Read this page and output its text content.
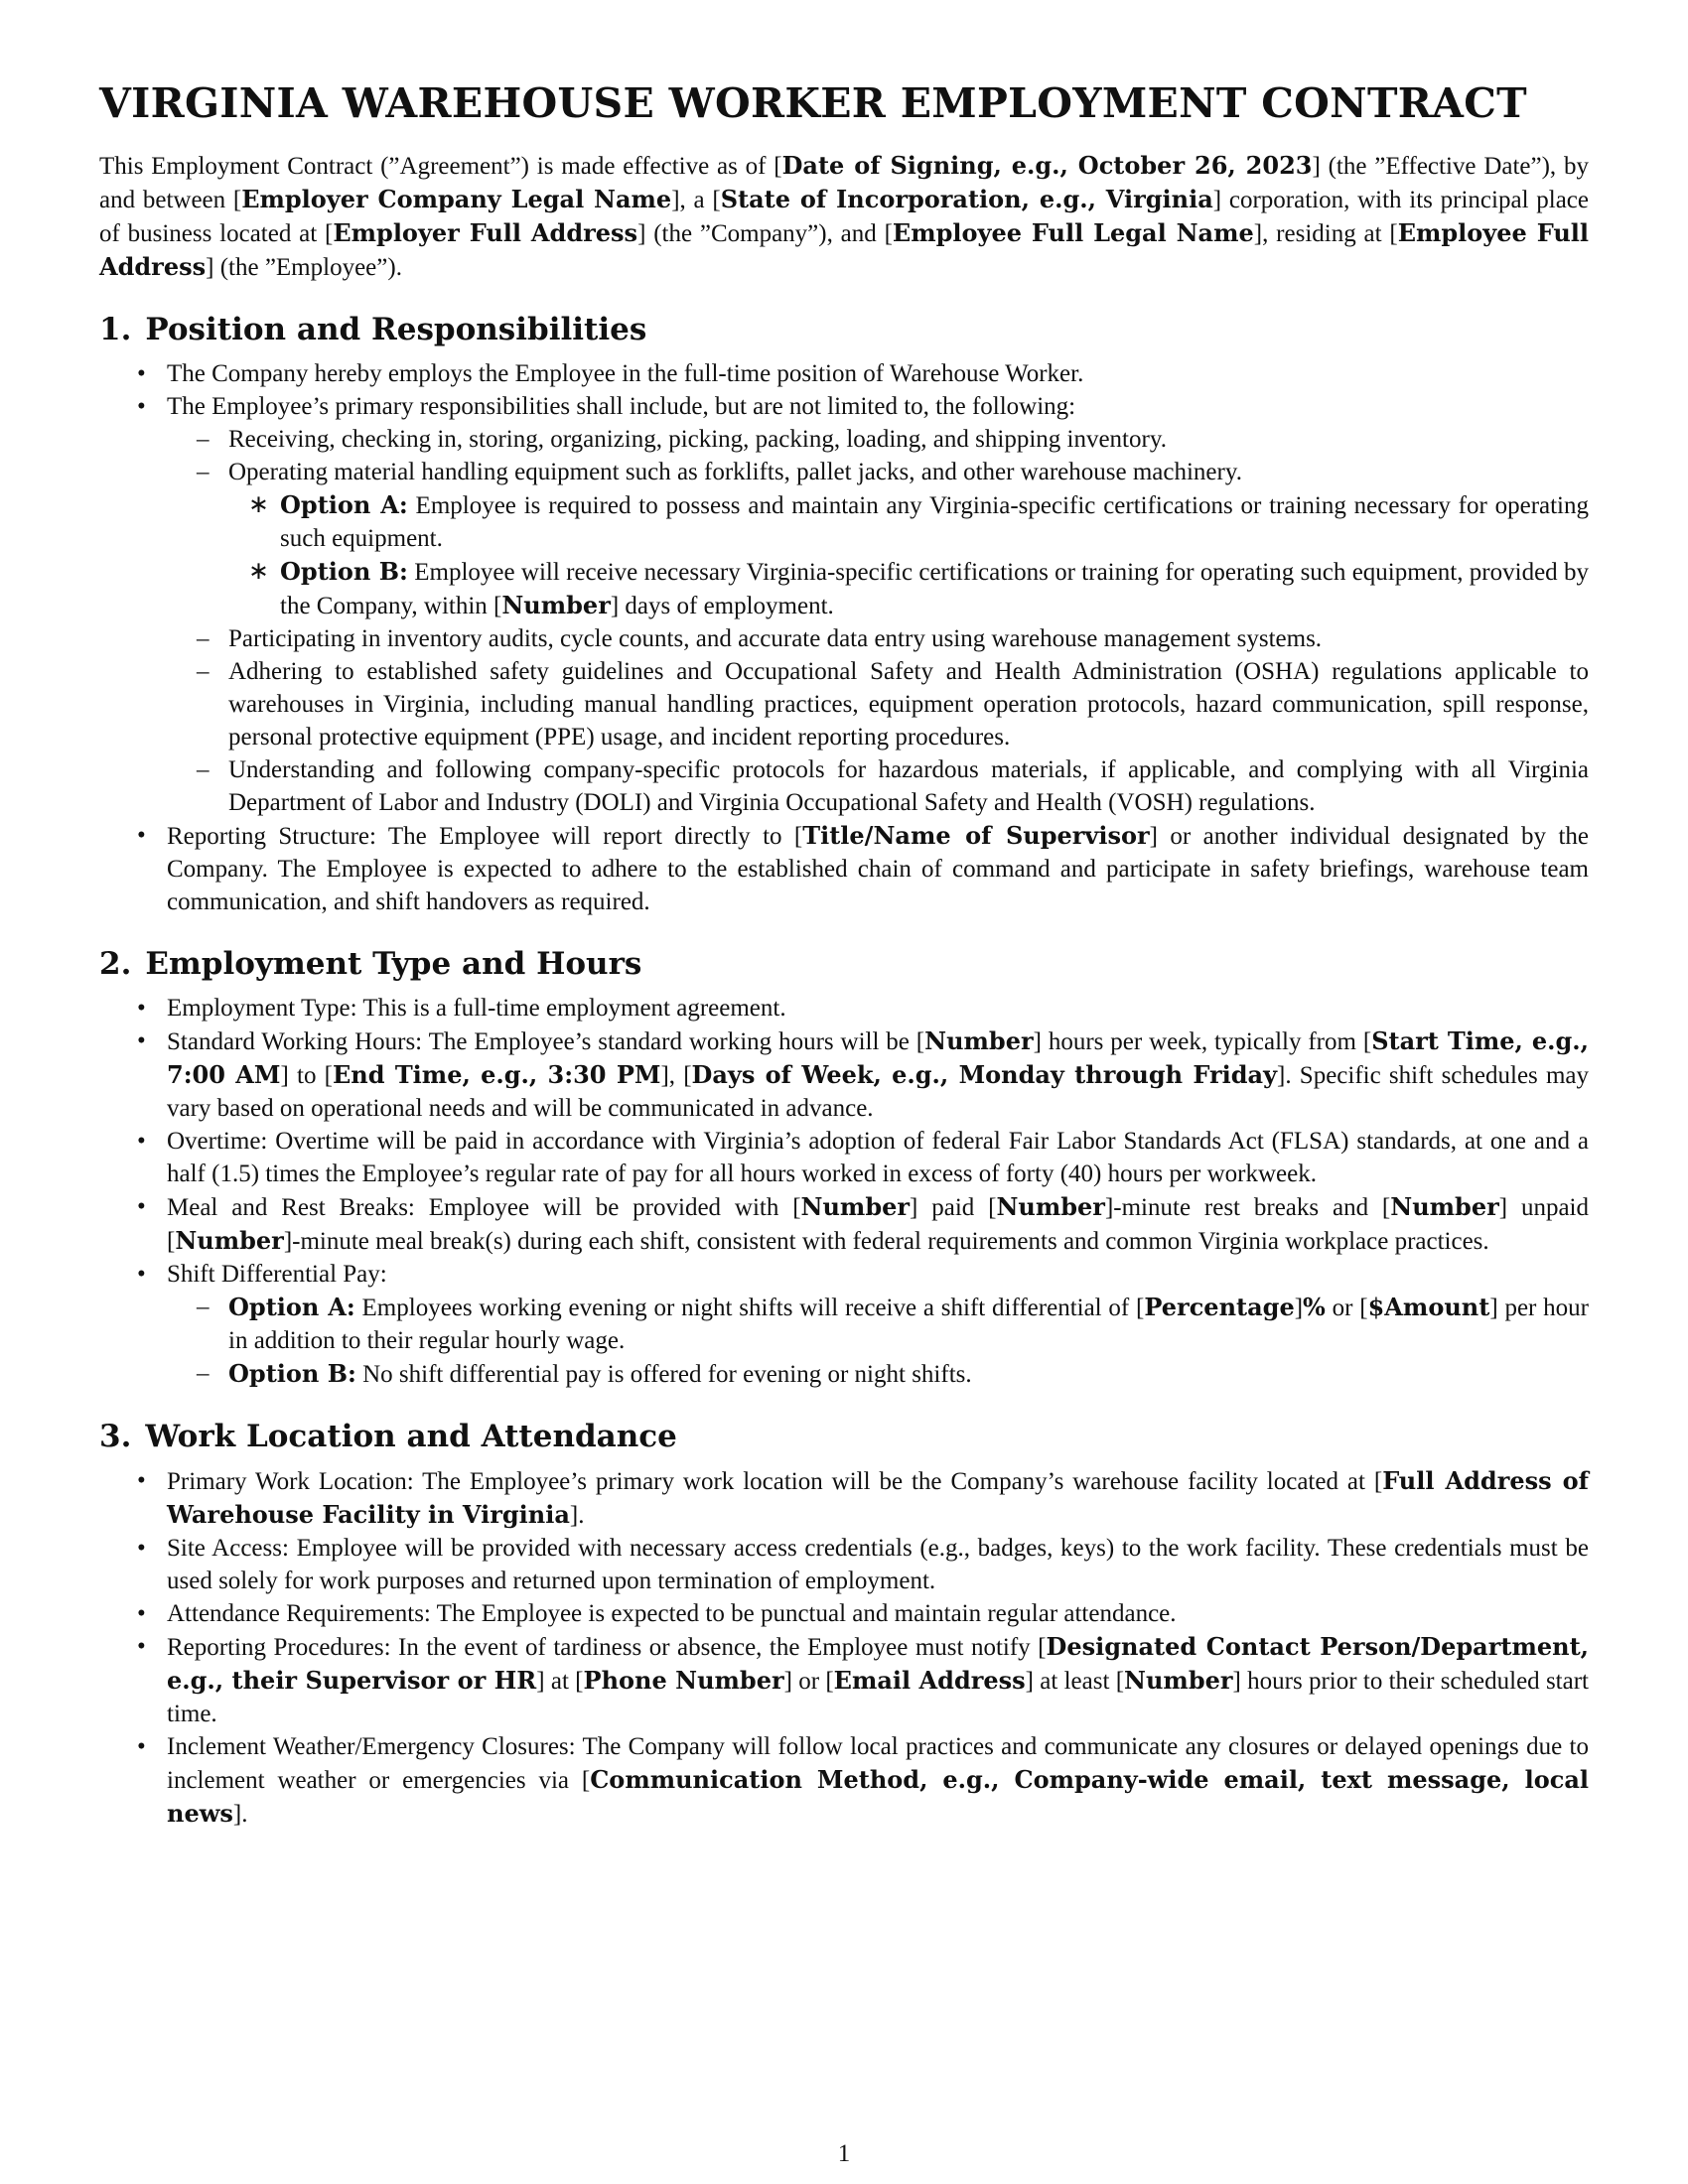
VIRGINIA WAREHOUSE WORKER EMPLOYMENT CONTRACT

This Employment Contract (”Agreement”) is made effective as of [Date of Signing, e.g., October 26, 2023] (the ”Effective Date”), by and between [Employer Company Legal Name], a [State of Incorporation, e.g., Virginia] corporation, with its principal place of business located at [Employer Full Address] (the ”Company”), and [Employee Full Legal Name], residing at [Employee Full Address] (the ”Employee”).

1. Position and Responsibilities
• The Company hereby employs the Employee in the full-time position of Warehouse Worker.
• The Employee’s primary responsibilities shall include, but are not limited to, the following:
– Receiving, checking in, storing, organizing, picking, packing, loading, and shipping inventory.
– Operating material handling equipment such as forklifts, pallet jacks, and other warehouse machinery.
∗ Option A: Employee is required to possess and maintain any Virginia-specific certifications or training necessary for operating such equipment.
∗ Option B: Employee will receive necessary Virginia-specific certifications or training for operating such equipment, provided by the Company, within [Number] days of employment.
– Participating in inventory audits, cycle counts, and accurate data entry using warehouse management systems.
– Adhering to established safety guidelines and Occupational Safety and Health Administration (OSHA) regulations applicable to warehouses in Virginia, including manual handling practices, equipment operation protocols, hazard communication, spill response, personal protective equipment (PPE) usage, and incident reporting procedures.
– Understanding and following company-specific protocols for hazardous materials, if applicable, and complying with all Virginia Department of Labor and Industry (DOLI) and Virginia Occupational Safety and Health (VOSH) regulations.
• Reporting Structure: The Employee will report directly to [Title/Name of Supervisor] or another individual designated by the Company. The Employee is expected to adhere to the established chain of command and participate in safety briefings, warehouse team communication, and shift handovers as required.
2. Employment Type and Hours
• Employment Type: This is a full-time employment agreement.
• Standard Working Hours: The Employee’s standard working hours will be [Number] hours per week, typically from [Start Time, e.g., 7:00 AM] to [End Time, e.g., 3:30 PM], [Days of Week, e.g., Monday through Friday]. Specific shift schedules may vary based on operational needs and will be communicated in advance.
• Overtime: Overtime will be paid in accordance with Virginia’s adoption of federal Fair Labor Standards Act (FLSA) standards, at one and a half (1.5) times the Employee’s regular rate of pay for all hours worked in excess of forty (40) hours per workweek.
• Meal and Rest Breaks: Employee will be provided with [Number] paid [Number]-minute rest breaks and [Number] unpaid [Number]-minute meal break(s) during each shift, consistent with federal requirements and common Virginia workplace practices.
• Shift Differential Pay:
– Option A: Employees working evening or night shifts will receive a shift differential of [Percentage]% or [$Amount] per hour in addition to their regular hourly wage.
– Option B: No shift differential pay is offered for evening or night shifts.
3. Work Location and Attendance
• Primary Work Location: The Employee’s primary work location will be the Company’s warehouse facility located at [Full Address of Warehouse Facility in Virginia].
• Site Access: Employee will be provided with necessary access credentials (e.g., badges, keys) to the work facility. These credentials must be used solely for work purposes and returned upon termination of employment.
• Attendance Requirements: The Employee is expected to be punctual and maintain regular attendance.
• Reporting Procedures: In the event of tardiness or absence, the Employee must notify [Designated Contact Person/Department, e.g., their Supervisor or HR] at [Phone Number] or [Email Address] at least [Number] hours prior to their scheduled start time.
• Inclement Weather/Emergency Closures: The Company will follow local practices and communicate any closures or delayed openings due to inclement weather or emergencies via [Communication Method, e.g., Company-wide email, text message, local news].
1
